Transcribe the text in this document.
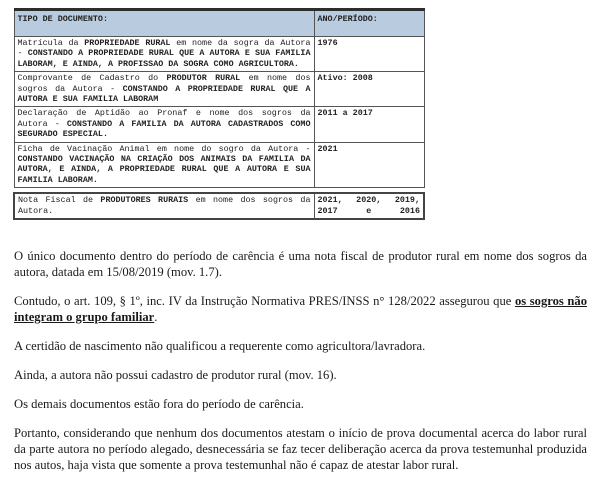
TIPO DE DOCUMENTO:	ANO/PERÍODO:
Matrícula da PROPRIEDADE RURAL em nome da sogra da Autora - CONSTANDO A PROPRIEDADE RURAL QUE A AUTORA E SUA FAMILIA LABORAM, E AINDA, A PROFISSAO DA SOGRA COMO AGRICULTORA.	1976
Comprovante de Cadastro do PRODUTOR RURAL em nome dos sogros da Autora - CONSTANDO A PROPRIEDADE RURAL QUE A AUTORA E SUA FAMILIA LABORAM	Ativo: 2008
Declaração de Aptidão ao Pronaf e nome dos sogros da Autora - CONSTANDO A FAMILIA DA AUTORA CADASTRADOS COMO SEGURADO ESPECIAL.	2011 a 2017
Ficha de Vacinação Animal em nome do sogro da Autora - CONSTANDO VACINAÇÃO NA CRIAÇÃO DOS ANIMAIS DA FAMILIA DA AUTORA, E AINDA, A PROPRIEDADE RURAL QUE A AUTORA E SUA FAMILIA LABORAM.	2021

Nota Fiscal de PRODUTORES RURAIS em nome dos sogros da Autora.	2021, 2020, 2019, 2017 e 2016

O único documento dentro do período de carência é uma nota fiscal de produtor rural em nome dos sogros da autora, datada em 15/08/2019 (mov. 1.7).

Contudo, o art. 109, § 1º, inc. IV da Instrução Normativa PRES/INSS n° 128/2022 assegurou que os sogros não integram o grupo familiar.

A certidão de nascimento não qualificou a requerente como agricultora/lavradora.

Ainda, a autora não possui cadastro de produtor rural (mov. 16).

Os demais documentos estão fora do período de carência.

Portanto, considerando que nenhum dos documentos atestam o início de prova documental acerca do labor rural da parte autora no período alegado, desnecessária se faz tecer deliberação acerca da prova testemunhal produzida nos autos, haja vista que somente a prova testemunhal não é capaz de atestar labor rural.
